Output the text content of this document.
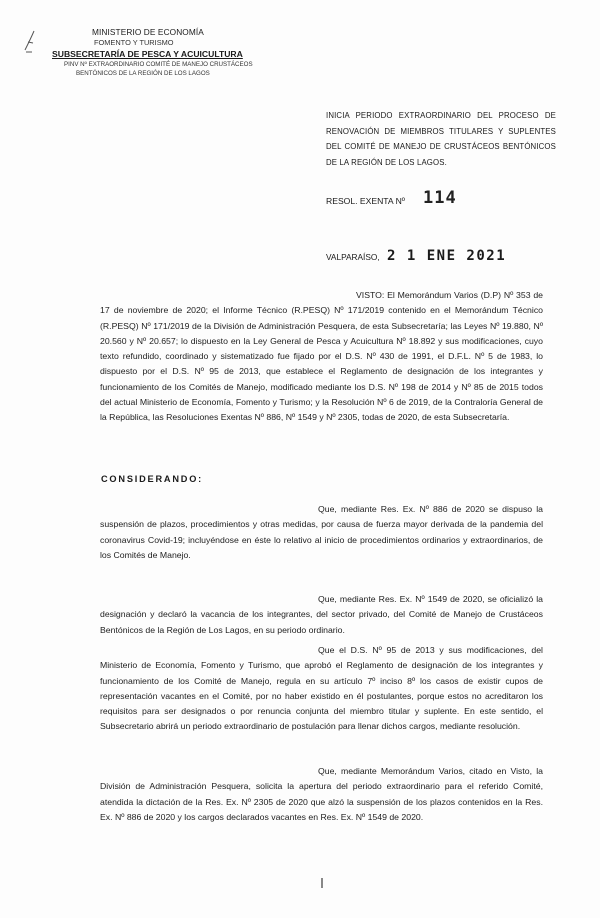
MINISTERIO DE ECONOMÍA
FOMENTO Y TURISMO
SUBSECRETARÍA DE PESCA Y ACUICULTURA
PINV Nº EXTRAORDINARIO COMITÉ DE MANEJO CRUSTÁCEOS
BENTÓNICOS DE LA REGIÓN DE LOS LAGOS
INICIA PERIODO EXTRAORDINARIO DEL PROCESO DE RENOVACIÓN DE MIEMBROS TITULARES Y SUPLENTES DEL COMITÉ DE MANEJO DE CRUSTÁCEOS BENTÓNICOS DE LA REGIÓN DE LOS LAGOS.
RESOL. EXENTA Nº 114
VALPARAÍSO, 2 1 ENE 2021
VISTO: El Memorándum Varios (D.P) Nº 353 de 17 de noviembre de 2020; el Informe Técnico (R.PESQ) Nº 171/2019 contenido en el Memorándum Técnico (R.PESQ) Nº 171/2019 de la División de Administración Pesquera, de esta Subsecretaría; las Leyes Nº 19.880, Nº 20.560 y Nº 20.657; lo dispuesto en la Ley General de Pesca y Acuicultura Nº 18.892 y sus modificaciones, cuyo texto refundido, coordinado y sistematizado fue fijado por el D.S. Nº 430 de 1991, el D.F.L. Nº 5 de 1983, lo dispuesto por el D.S. Nº 95 de 2013, que establece el Reglamento de designación de los integrantes y funcionamiento de los Comités de Manejo, modificado mediante los D.S. Nº 198 de 2014 y Nº 85 de 2015 todos del actual Ministerio de Economía, Fomento y Turismo; y la Resolución Nº 6 de 2019, de la Contraloría General de la República, las Resoluciones Exentas Nº 886, Nº 1549 y Nº 2305, todas de 2020, de esta Subsecretaría.
CONSIDERANDO:
Que, mediante Res. Ex. Nº 886 de 2020 se dispuso la suspensión de plazos, procedimientos y otras medidas, por causa de fuerza mayor derivada de la pandemia del coronavirus Covid-19; incluyéndose en éste lo relativo al inicio de procedimientos ordinarios y extraordinarios, de los Comités de Manejo.
Que, mediante Res. Ex. Nº 1549 de 2020, se oficializó la designación y declaró la vacancia de los integrantes, del sector privado, del Comité de Manejo de Crustáceos Bentónicos de la Región de Los Lagos, en su periodo ordinario.
Que el D.S. Nº 95 de 2013 y sus modificaciones, del Ministerio de Economía, Fomento y Turismo, que aprobó el Reglamento de designación de los integrantes y funcionamiento de los Comité de Manejo, regula en su artículo 7º inciso 8º los casos de existir cupos de representación vacantes en el Comité, por no haber existido en él postulantes, porque estos no acreditaron los requisitos para ser designados o por renuncia conjunta del miembro titular y suplente. En este sentido, el Subsecretario abrirá un periodo extraordinario de postulación para llenar dichos cargos, mediante resolución.
Que, mediante Memorándum Varios, citado en Visto, la División de Administración Pesquera, solicita la apertura del periodo extraordinario para el referido Comité, atendida la dictación de la Res. Ex. Nº 2305 de 2020 que alzó la suspensión de los plazos contenidos en la Res. Ex. Nº 886 de 2020 y los cargos declarados vacantes en Res. Ex. Nº 1549 de 2020.
